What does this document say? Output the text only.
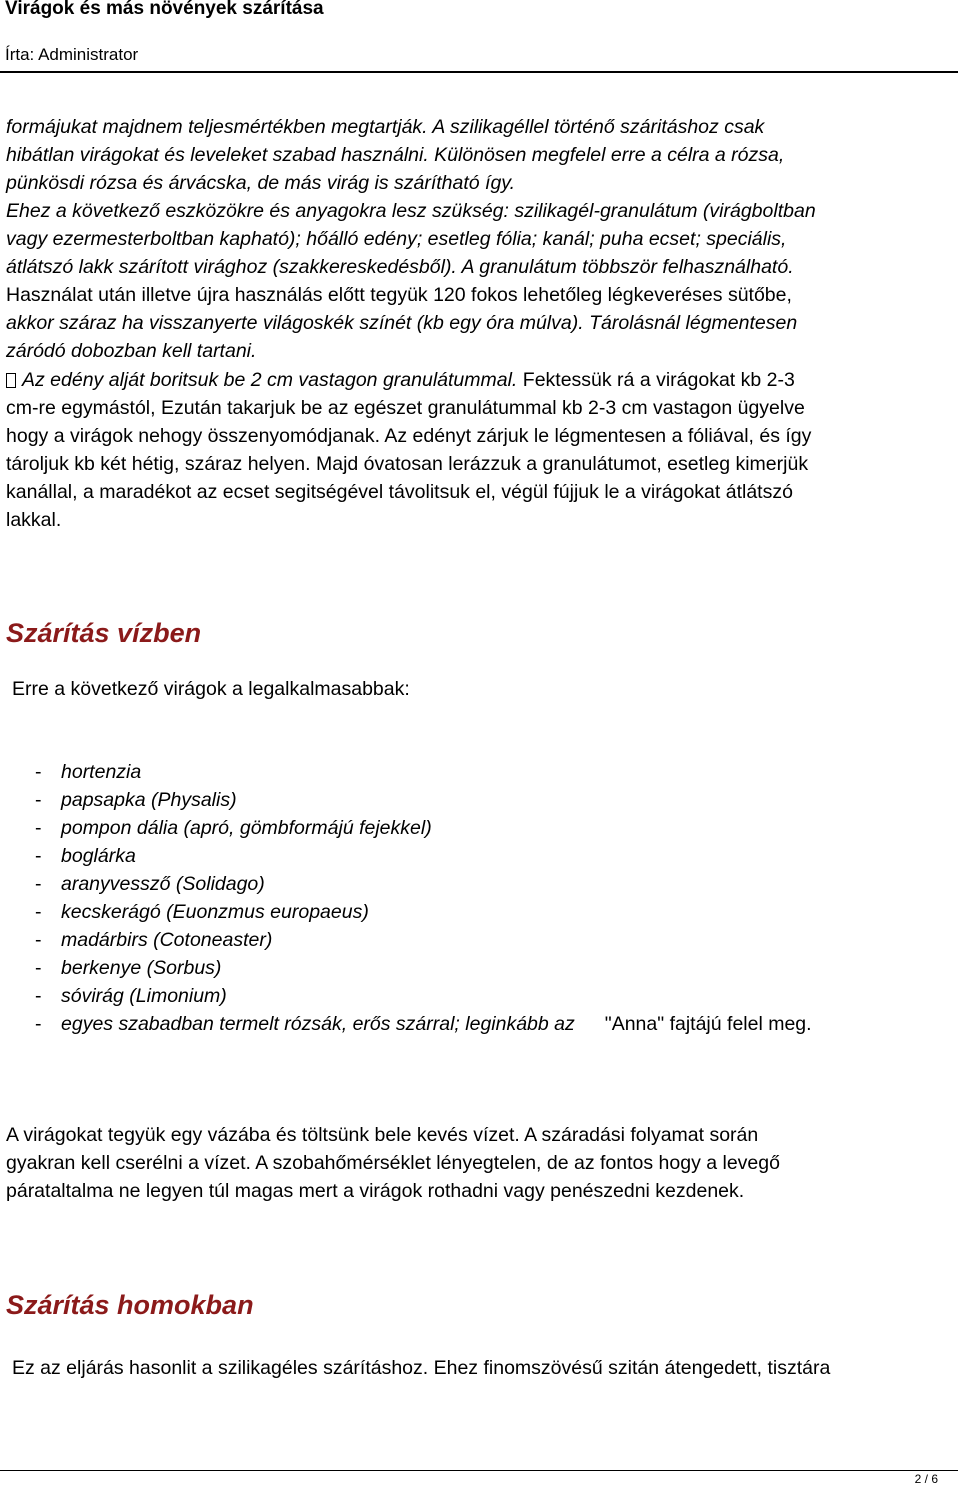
Virágok és más növények szárítása
Írta: Administrator
formájukat majdnem teljesmértékben megtartják. A szilikagéllel történő száritáshoz csak
hibátlan virágokat és leveleket szabad használni. Különösen megfelel erre a célra a rózsa,
pünkösdi rózsa és árvácska, de más virág is szárítható így.
Ehez a következő eszközökre és anyagokra lesz szükség: szilikagél-granulátum (virágboltban
vagy ezermesterboltban kapható); hőálló edény; esetleg fólia; kanál; puha ecset; speciális,
átlátszó lakk szárított virághoz (szakkereskedésből). A granulátum többször felhasználható.
Használat után illetve újra használás előtt tegyük 120 fokos lehetőleg légkeveréses sütőbe,
akkor száraz ha visszanyerte világoskék színét (kb egy óra múlva). Tárolásnál légmentesen
záródó dobozban kell tartani.
Az edény alját boritsuk be 2 cm vastagon granulátummal. Fektessük rá a virágokat kb 2-3
cm-re egymástól, Ezután takarjuk be az egészet granulátummal kb 2-3 cm vastagon ügyelve
hogy a virágok nehogy összenyomódjanak. Az edényt zárjuk le légmentesen a fóliával, és így
tároljuk kb két hétig, száraz helyen. Majd óvatosan lerázzuk a granulátumot, esetleg kimerjük
kanállal, a maradékot az ecset segitségével távolitsuk el, végül fújjuk le a virágokat átlátszó
lakkal.
Szárítás vízben
Erre a következő virágok a legalkalmasabbak:
- hortenzia
- papsapka (Physalis)
- pompon dália (apró, gömbformájú fejekkel)
- boglárka
- aranyvessző (Solidago)
- kecskerágó (Euonzmus europaeus)
- madárbirs (Cotoneaster)
- berkenye (Sorbus)
- sóvirág (Limonium)
- egyes szabadban termelt rózsák, erős szárral; leginkább az "Anna" fajtájú felel meg.
A virágokat tegyük egy vázába és töltsünk bele kevés vízet. A száradási folyamat során
gyakran kell cserélni a vízet. A szobahőmérséklet lényegtelen, de az fontos hogy a levegő
párataltalma ne legyen túl magas mert a virágok rothadni vagy penészedni kezdenek.
Szárítás homokban
Ez az eljárás hasonlit a szilikagéles szárításhoz. Ehez finomszövésű szitán átengedett, tisztára
2 / 6
